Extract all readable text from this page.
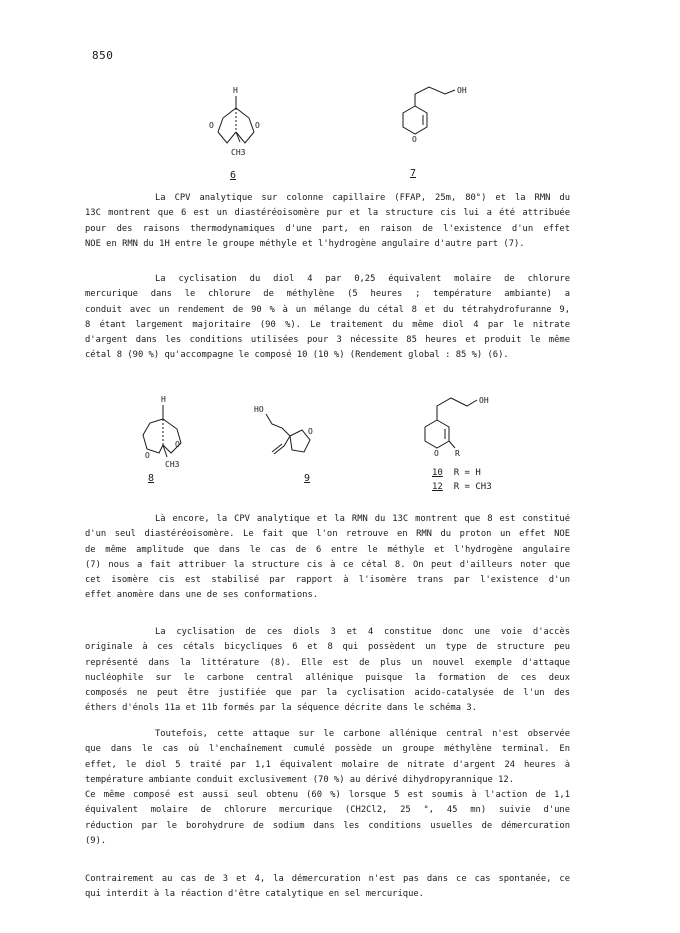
850
H
O	O
CH3
6
OH
O
7
La CPV analytique sur colonne capillaire (FFAP, 25m, 80°) et la RMN du
13C montrent que 6 est un diastéréoisomère pur et la structure cis lui a été attribuée
pour des raisons thermodynamiques d'une part, en raison de l'existence d'un effet
NOE en RMN du 1H entre le groupe méthyle et l'hydrogène angulaire d'autre part (7).
La cyclisation du diol 4 par 0,25 équivalent molaire de chlorure
mercurique dans le chlorure de méthylène (5 heures ; température ambiante) a
conduit avec un rendement de 90 % à un mélange du cétal 8 et du tétrahydrofuranne 9,
8 étant largement majoritaire (90 %). Le traitement du même diol 4 par le nitrate
d'argent dans les conditions utilisées pour 3 nécessite 85 heures et produit le même
cétal 8 (90 %) qu'accompagne le composé 10 (10 %) (Rendement global : 85 %) (6).
H
O
O
CH3
8
HO
O
9
OH
O R
10 R = H
12 R = CH3
Là encore, la CPV analytique et la RMN du 13C montrent que 8 est constitué
d'un seul diastéréoisomère. Le fait que l'on retrouve en RMN du proton un effet NOE
de même amplitude que dans le cas de 6 entre le méthyle et l'hydrogène angulaire
(7) nous a fait attribuer la structure cis à ce cétal 8. On peut d'ailleurs noter que
cet isomère cis est stabilisé par rapport à l'isomère trans par l'existence d'un
effet anomère dans une de ses conformations.
La cyclisation de ces diols 3 et 4 constitue donc une voie d'accès
originale à ces cétals bicycliques 6 et 8 qui possèdent un type de structure peu
représenté dans la littérature (8). Elle est de plus un nouvel exemple d'attaque
nucléophile sur le carbone central allénique puisque la formation de ces deux
composés ne peut être justifiée que par la cyclisation acido-catalysée de l'un des
éthers d'énols 11a et 11b formés par la séquence décrite dans le schéma 3.
Toutefois, cette attaque sur le carbone allénique central n'est observée
que dans le cas où l'enchaînement cumulé possède un groupe méthylène terminal. En
effet, le diol 5 traité par 1,1 équivalent molaire de nitrate d'argent 24 heures à
température ambiante conduit exclusivement (70 %) au dérivé dihydropyrannique 12.
Ce même composé est aussi seul obtenu (60 %) lorsque 5 est soumis à l'action de 1,1
équivalent molaire de chlorure mercurique (CH2Cl2, 25 °, 45 mn) suivie d'une
réduction par le borohydrure de sodium dans les conditions usuelles de démercuration
(9).
Contrairement au cas de 3 et 4, la démercuration n'est pas dans ce cas spontanée, ce
qui interdit à la réaction d'être catalytique en sel mercurique.
